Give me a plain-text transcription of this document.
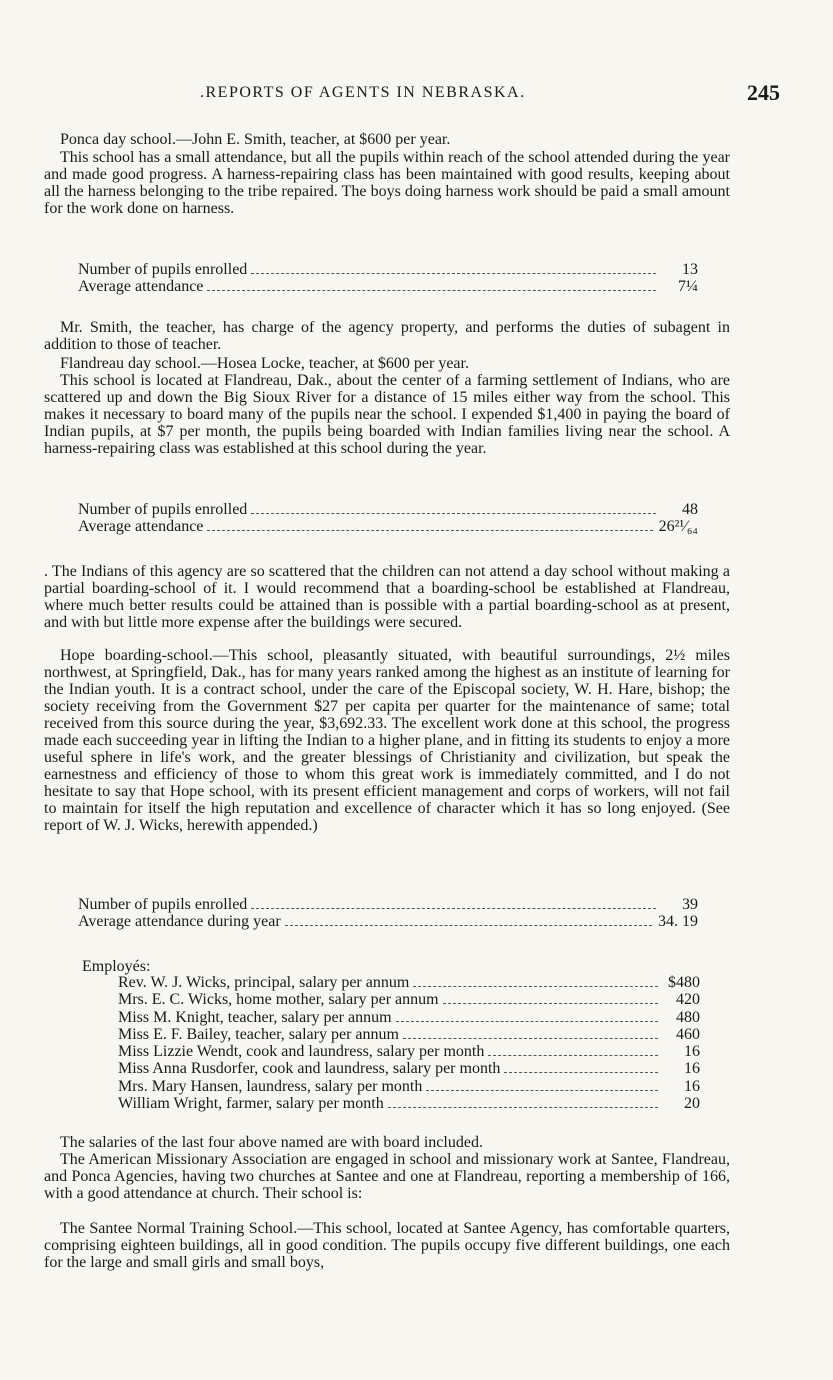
.REPORTS OF AGENTS IN NEBRASKA.	245

Ponca day school.—John E. Smith, teacher, at $600 per year.

This school has a small attendance, but all the pupils within reach of the school attended during the year and made good progress. A harness-repairing class has been maintained with good results, keeping about all the harness belonging to the tribe repaired. The boys doing harness work should be paid a small amount for the work done on harness.

Number of pupils enrolled	13
Average attendance	7¼

Mr. Smith, the teacher, has charge of the agency property, and performs the duties of subagent in addition to those of teacher.

Flandreau day school.—Hosea Locke, teacher, at $600 per year.

This school is located at Flandreau, Dak., about the center of a farming settlement of Indians, who are scattered up and down the Big Sioux River for a distance of 15 miles either way from the school. This makes it necessary to board many of the pupils near the school. I expended $1,400 in paying the board of Indian pupils, at $7 per month, the pupils being boarded with Indian families living near the school. A harness-repairing class was established at this school during the year.

Number of pupils enrolled	48
Average attendance	26²¹⁄₆₄

. The Indians of this agency are so scattered that the children can not attend a day school without making a partial boarding-school of it. I would recommend that a boarding-school be established at Flandreau, where much better results could be attained than is possible with a partial boarding-school as at present, and with but little more expense after the buildings were secured.

Hope boarding-school.—This school, pleasantly situated, with beautiful surroundings, 2½ miles northwest, at Springfield, Dak., has for many years ranked among the highest as an institute of learning for the Indian youth. It is a contract school, under the care of the Episcopal society, W. H. Hare, bishop; the society receiving from the Government $27 per capita per quarter for the maintenance of same; total received from this source during the year, $3,692.33. The excellent work done at this school, the progress made each succeeding year in lifting the Indian to a higher plane, and in fitting its students to enjoy a more useful sphere in life's work, and the greater blessings of Christianity and civilization, but speak the earnestness and efficiency of those to whom this great work is immediately committed, and I do not hesitate to say that Hope school, with its present efficient management and corps of workers, will not fail to maintain for itself the high reputation and excellence of character which it has so long enjoyed. (See report of W. J. Wicks, herewith appended.)

Number of pupils enrolled	39
Average attendance during year	34. 19
Employés:
Rev. W. J. Wicks, principal, salary per annum	$480
Mrs. E. C. Wicks, home mother, salary per annum	420
Miss M. Knight, teacher, salary per annum	480
Miss E. F. Bailey, teacher, salary per annum	460
Miss Lizzie Wendt, cook and laundress, salary per month	16
Miss Anna Rusdorfer, cook and laundress, salary per month	16
Mrs. Mary Hansen, laundress, salary per month	16
William Wright, farmer, salary per month	20

The salaries of the last four above named are with board included.

The American Missionary Association are engaged in school and missionary work at Santee, Flandreau, and Ponca Agencies, having two churches at Santee and one at Flandreau, reporting a membership of 166, with a good attendance at church. Their school is:

The Santee Normal Training School.—This school, located at Santee Agency, has comfortable quarters, comprising eighteen buildings, all in good condition. The pupils occupy five different buildings, one each for the large and small girls and small boys,
